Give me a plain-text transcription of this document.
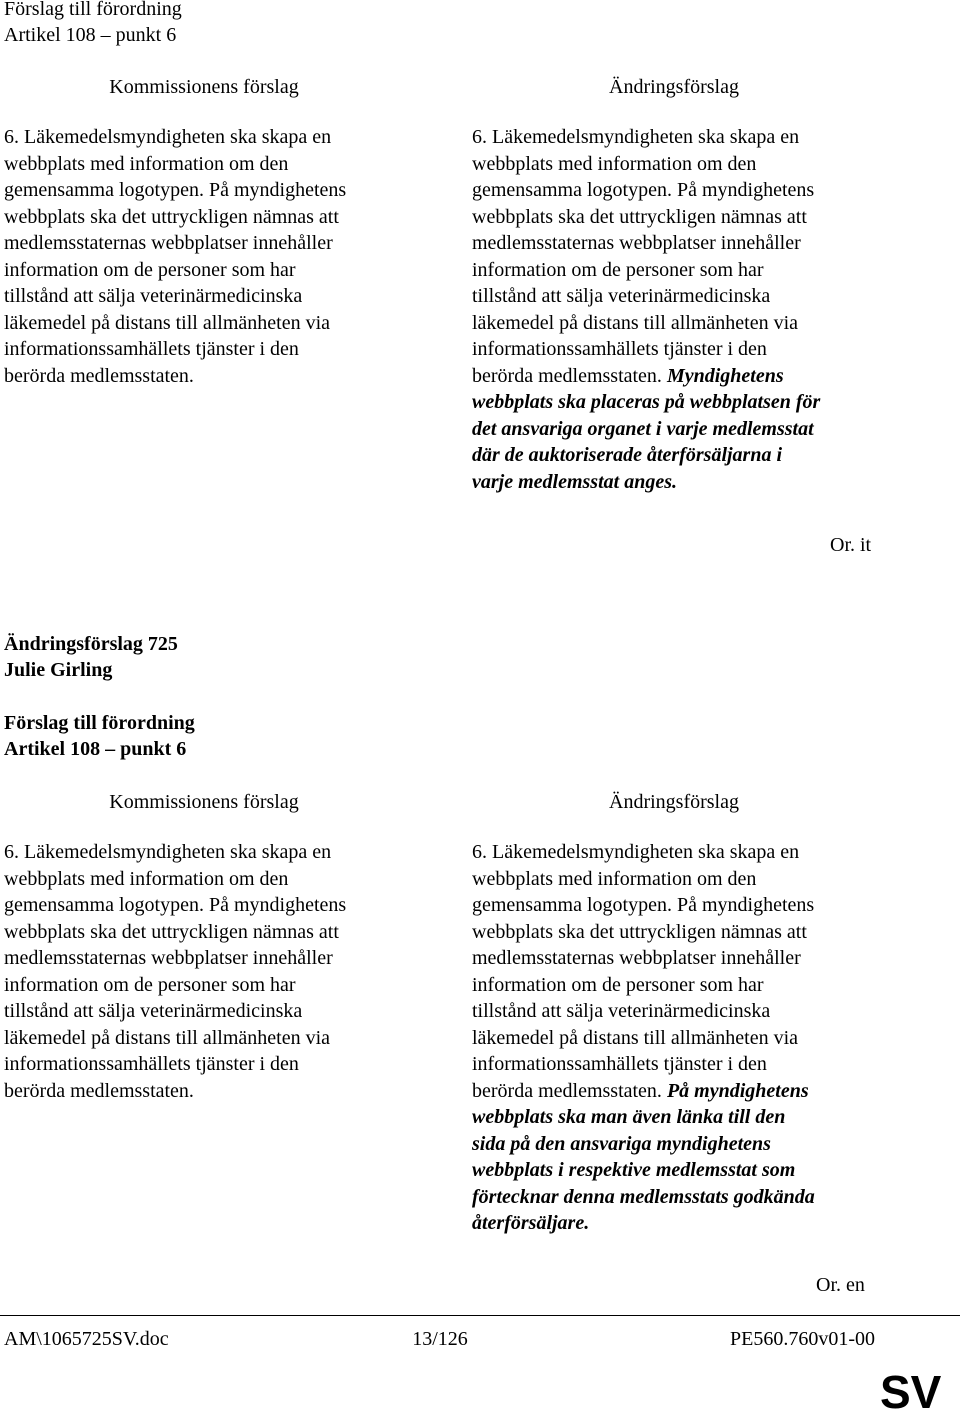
Förslag till förordning
Artikel 108 – punkt 6
Kommissionens förslag	Ändringsförslag
6. Läkemedelsmyndigheten ska skapa en
webbplats med information om den
gemensamma logotypen. På myndighetens
webbplats ska det uttryckligen nämnas att
medlemsstaternas webbplatser innehåller
information om de personer som har
tillstånd att sälja veterinärmedicinska
läkemedel på distans till allmänheten via
informationssamhällets tjänster i den
berörda medlemsstaten.
6. Läkemedelsmyndigheten ska skapa en
webbplats med information om den
gemensamma logotypen. På myndighetens
webbplats ska det uttryckligen nämnas att
medlemsstaternas webbplatser innehåller
information om de personer som har
tillstånd att sälja veterinärmedicinska
läkemedel på distans till allmänheten via
informationssamhällets tjänster i den
berörda medlemsstaten. Myndighetens
webbplats ska placeras på webbplatsen för
det ansvariga organet i varje medlemsstat
där de auktoriserade återförsäljarna i
varje medlemsstat anges.
Or. it
Ändringsförslag 725
Julie Girling
Förslag till förordning
Artikel 108 – punkt 6
Kommissionens förslag	Ändringsförslag
6. Läkemedelsmyndigheten ska skapa en
webbplats med information om den
gemensamma logotypen. På myndighetens
webbplats ska det uttryckligen nämnas att
medlemsstaternas webbplatser innehåller
information om de personer som har
tillstånd att sälja veterinärmedicinska
läkemedel på distans till allmänheten via
informationssamhällets tjänster i den
berörda medlemsstaten.
6. Läkemedelsmyndigheten ska skapa en
webbplats med information om den
gemensamma logotypen. På myndighetens
webbplats ska det uttryckligen nämnas att
medlemsstaternas webbplatser innehåller
information om de personer som har
tillstånd att sälja veterinärmedicinska
läkemedel på distans till allmänheten via
informationssamhällets tjänster i den
berörda medlemsstaten. På myndighetens
webbplats ska man även länka till den
sida på den ansvariga myndighetens
webbplats i respektive medlemsstat som
förtecknar denna medlemsstats godkända
återförsäljare.
Or. en
AM\1065725SV.doc	13/126	PE560.760v01-00
SV
